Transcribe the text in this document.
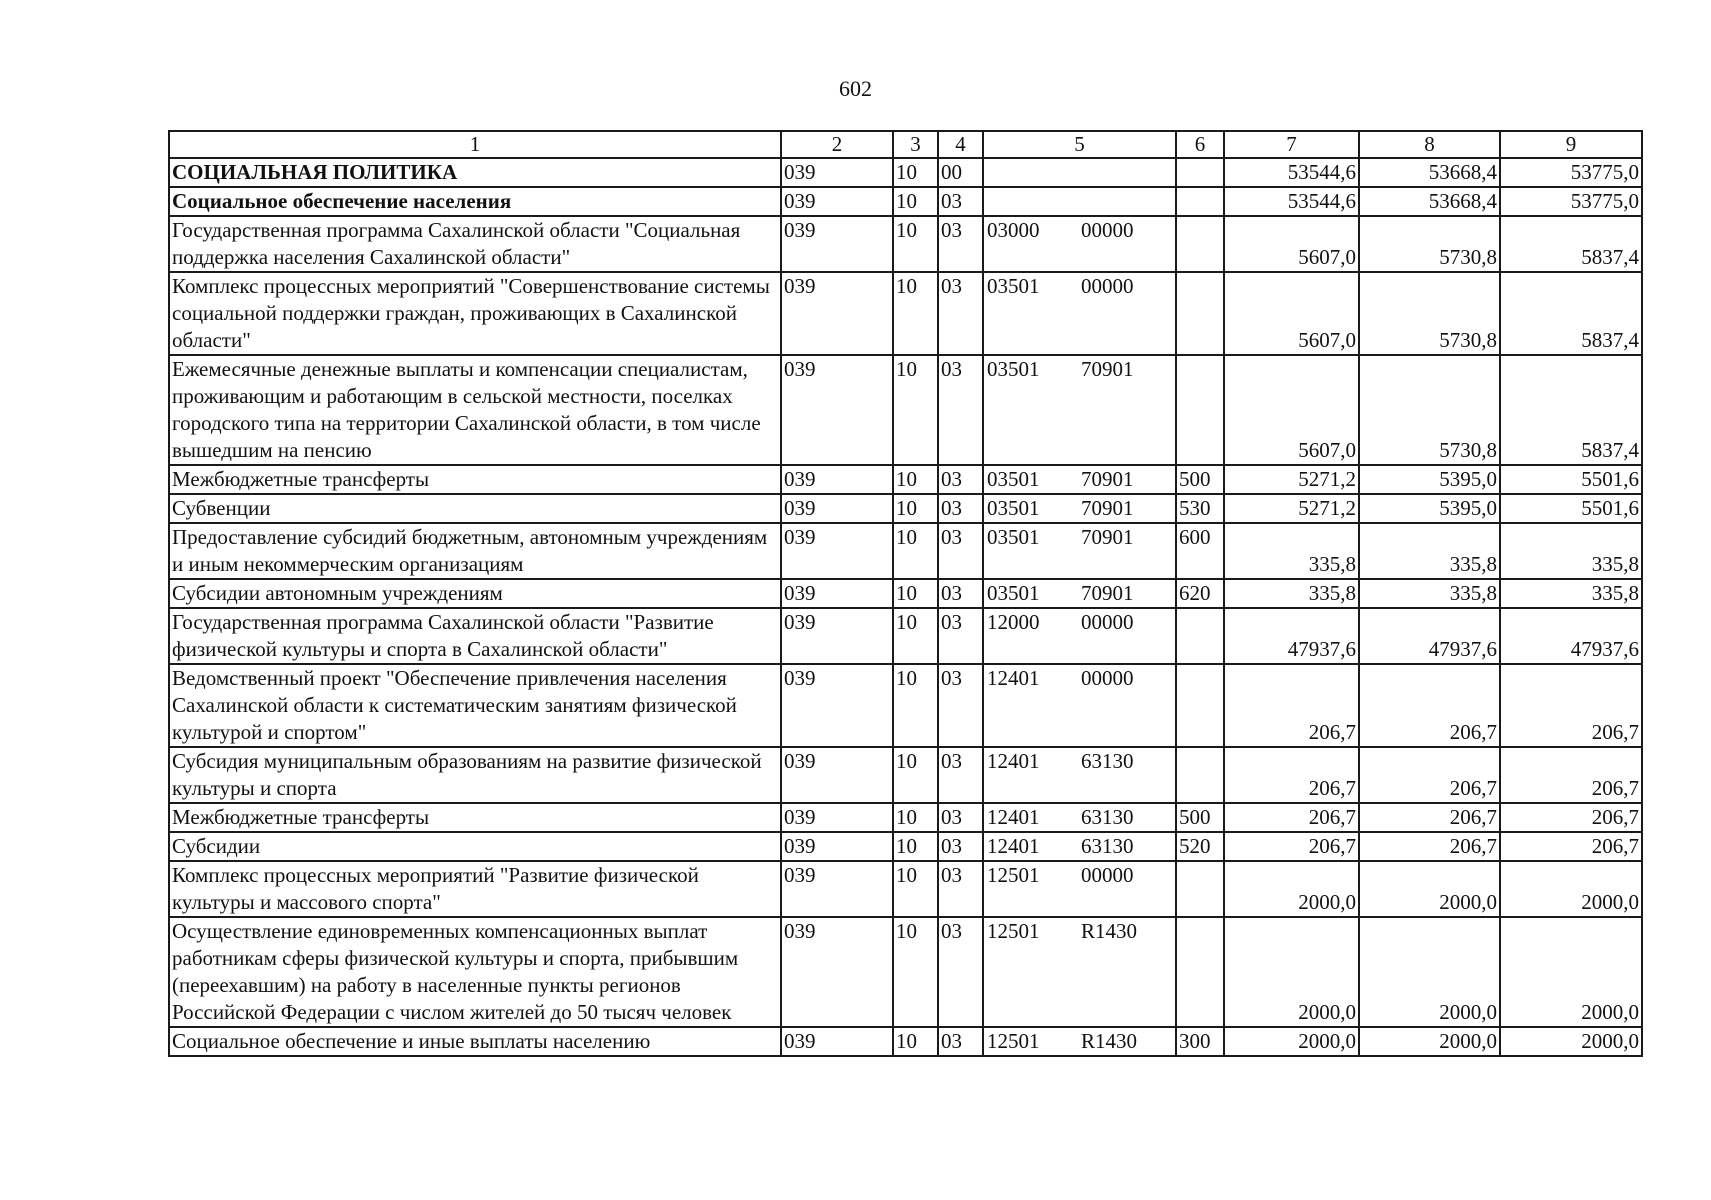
602
1	2	3	4	5	6	7	8	9
СОЦИАЛЬНАЯ ПОЛИТИКА	039	10	00			53544,6	53668,4	53775,0
Социальное обеспечение населения	039	10	03			53544,6	53668,4	53775,0
Государственная программа Сахалинской области "Социальная поддержка населения Сахалинской области"	039	10	03	03000 00000		5607,0	5730,8	5837,4
Комплекс процессных мероприятий "Совершенствование системы социальной поддержки граждан, проживающих в Сахалинской области"	039	10	03	03501 00000		5607,0	5730,8	5837,4
Ежемесячные денежные выплаты и компенсации специалистам, проживающим и работающим в сельской местности, поселках городского типа на территории Сахалинской области, в том числе вышедшим на пенсию	039	10	03	03501 70901		5607,0	5730,8	5837,4
Межбюджетные трансферты	039	10	03	03501 70901	500	5271,2	5395,0	5501,6
Субвенции	039	10	03	03501 70901	530	5271,2	5395,0	5501,6
Предоставление субсидий бюджетным, автономным учреждениям и иным некоммерческим организациям	039	10	03	03501 70901	600	335,8	335,8	335,8
Субсидии автономным учреждениям	039	10	03	03501 70901	620	335,8	335,8	335,8
Государственная программа Сахалинской области "Развитие физической культуры и спорта в Сахалинской области"	039	10	03	12000 00000		47937,6	47937,6	47937,6
Ведомственный проект "Обеспечение привлечения населения Сахалинской области к систематическим занятиям физической культурой и спортом"	039	10	03	12401 00000		206,7	206,7	206,7
Субсидия муниципальным образованиям на развитие физической культуры и спорта	039	10	03	12401 63130		206,7	206,7	206,7
Межбюджетные трансферты	039	10	03	12401 63130	500	206,7	206,7	206,7
Субсидии	039	10	03	12401 63130	520	206,7	206,7	206,7
Комплекс процессных мероприятий "Развитие физической культуры и массового спорта"	039	10	03	12501 00000		2000,0	2000,0	2000,0
Осуществление единовременных компенсационных выплат работникам сферы физической культуры и спорта, прибывшим (переехавшим) на работу в населенные пункты регионов Российской Федерации с числом жителей до 50 тысяч человек	039	10	03	12501 R1430		2000,0	2000,0	2000,0
Социальное обеспечение и иные выплаты населению	039	10	03	12501 R1430	300	2000,0	2000,0	2000,0
